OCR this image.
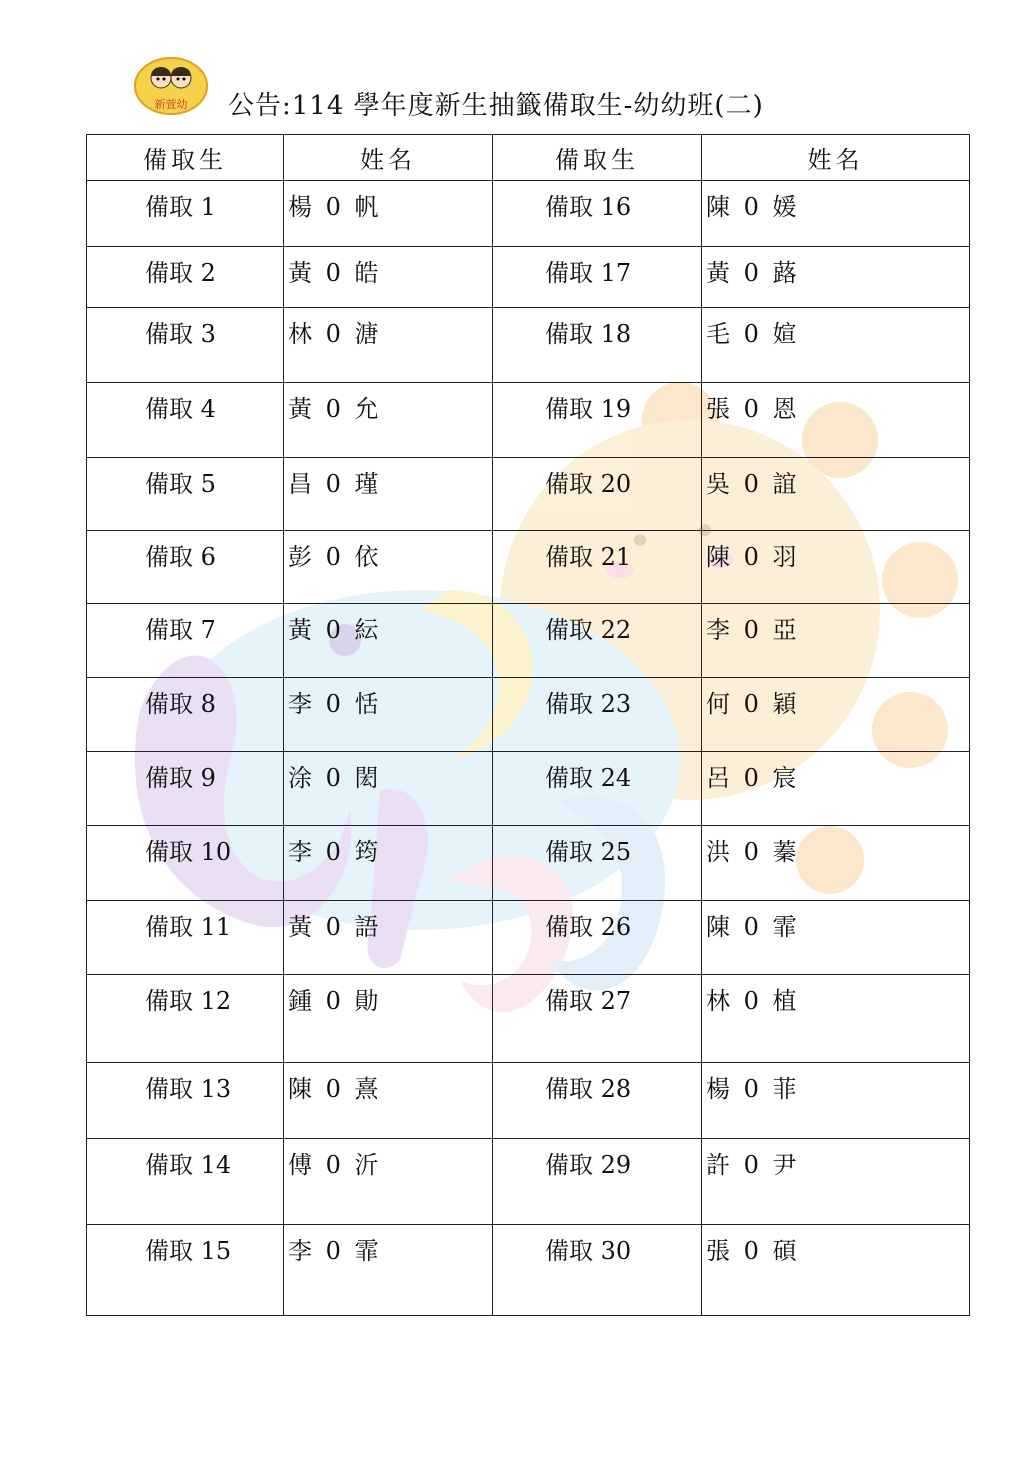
新萱幼 公告:114 學年度新生抽籤備取生-幼幼班(二)
備取生	姓名	備取生	姓名
備取 1	楊 0 帆	備取 16	陳 0 媛
備取 2	黃 0 皓	備取 17	黃 0 蕗
備取 3	林 0 溏	備取 18	毛 0 媗
備取 4	黃 0 允	備取 19	張 0 恩
備取 5	昌 0 瑾	備取 20	吳 0 誼
備取 6	彭 0 依	備取 21	陳 0 羽
備取 7	黃 0 紜	備取 22	李 0 亞
備取 8	李 0 恬	備取 23	何 0 穎
備取 9	涂 0 閎	備取 24	呂 0 宸
備取 10	李 0 筠	備取 25	洪 0 蓁
備取 11	黃 0 語	備取 26	陳 0 霏
備取 12	鍾 0 勛	備取 27	林 0 植
備取 13	陳 0 熹	備取 28	楊 0 菲
備取 14	傅 0 沂	備取 29	許 0 尹
備取 15	李 0 霏	備取 30	張 0 碩
